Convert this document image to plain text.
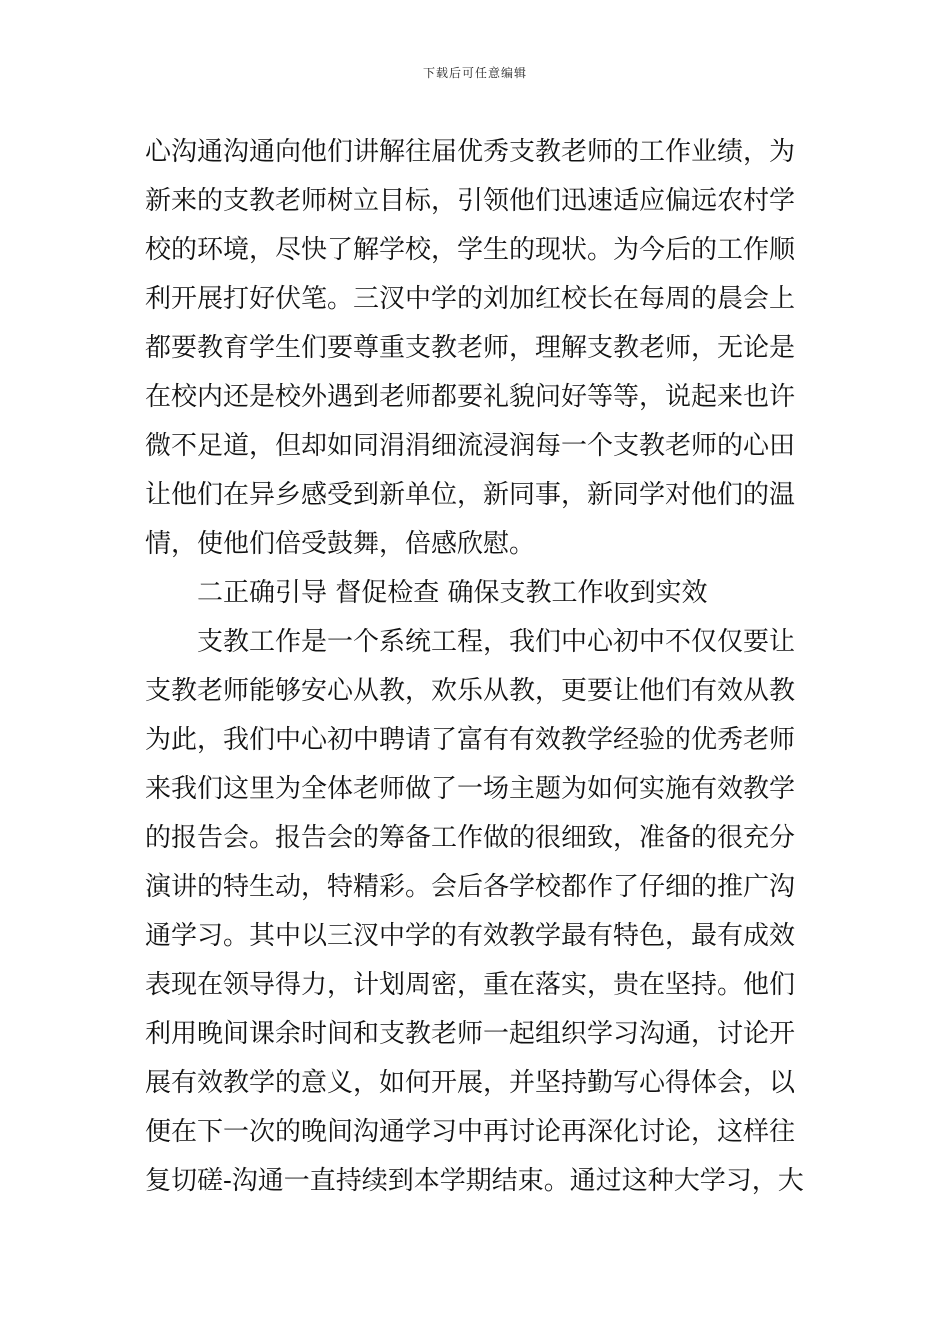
下载后可任意编辑
心沟通沟通向他们讲解往届优秀支教老师的工作业绩，为
新来的支教老师树立目标，引领他们迅速适应偏远农村学
校的环境，尽快了解学校，学生的现状。为今后的工作顺
利开展打好伏笔。三汊中学的刘加红校长在每周的晨会上
都要教育学生们要尊重支教老师，理解支教老师，无论是
在校内还是校外遇到老师都要礼貌问好等等，说起来也许
微不足道，但却如同涓涓细流浸润每一个支教老师的心田
让他们在异乡感受到新单位，新同事，新同学对他们的温
情，使他们倍受鼓舞，倍感欣慰。
二正确引导 督促检查 确保支教工作收到实效
支教工作是一个系统工程，我们中心初中不仅仅要让
支教老师能够安心从教，欢乐从教，更要让他们有效从教
为此，我们中心初中聘请了富有有效教学经验的优秀老师
来我们这里为全体老师做了一场主题为如何实施有效教学
的报告会。报告会的筹备工作做的很细致，准备的很充分
演讲的特生动，特精彩。会后各学校都作了仔细的推广沟
通学习。其中以三汊中学的有效教学最有特色，最有成效
表现在领导得力，计划周密，重在落实，贵在坚持。他们
利用晚间课余时间和支教老师一起组织学习沟通，讨论开
展有效教学的意义，如何开展，并坚持勤写心得体会，以
便在下一次的晚间沟通学习中再讨论再深化讨论，这样往
复切磋-沟通一直持续到本学期结束。通过这种大学习，大
